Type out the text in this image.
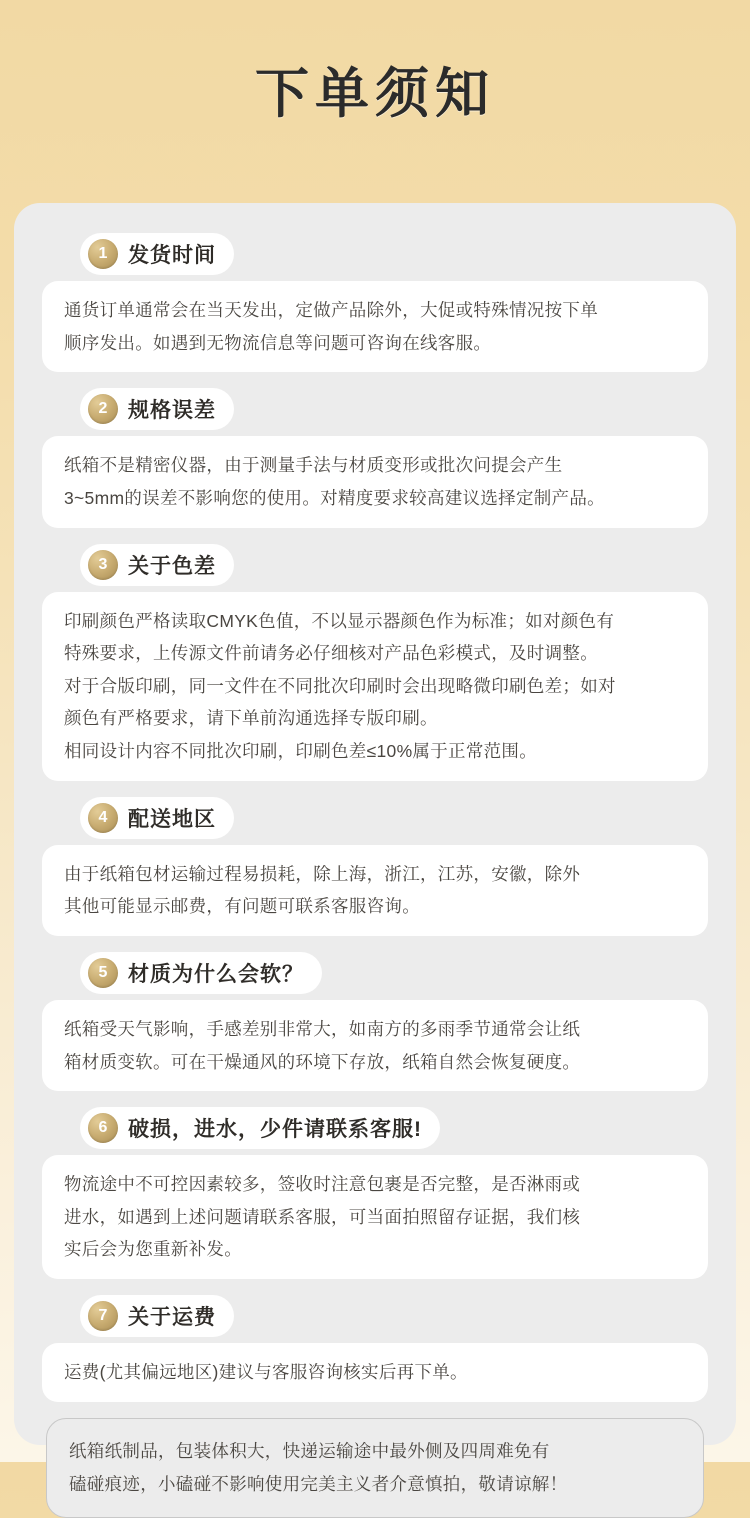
下单须知
1 发货时间

通货订单通常会在当天发出，定做产品除外，大促或特殊情况按下单

顺序发出。如遇到无物流信息等问题可咨询在线客服。

2 规格误差

纸箱不是精密仪器，由于测量手法与材质变形或批次问提会产生

3~5mm的误差不影响您的使用。对精度要求较高建议选择定制产品。

3 关于色差

印刷颜色严格读取CMYK色值，不以显示器颜色作为标准；如对颜色有

特殊要求，上传源文件前请务必仔细核对产品色彩模式，及时调整。

对于合版印刷，同一文件在不同批次印刷时会出现略微印刷色差；如对

颜色有严格要求，请下单前沟通选择专版印刷。

相同设计内容不同批次印刷，印刷色差≤10%属于正常范围。

4 配送地区

由于纸箱包材运输过程易损耗，除上海，浙江，江苏，安徽，除外

其他可能显示邮费，有问题可联系客服咨询。

5 材质为什么会软？

纸箱受天气影响，手感差别非常大，如南方的多雨季节通常会让纸

箱材质变软。可在干燥通风的环境下存放，纸箱自然会恢复硬度。

6 破损，进水，少件请联系客服!

物流途中不可控因素较多，签收时注意包裹是否完整，是否淋雨或

进水，如遇到上述问题请联系客服，可当面拍照留存证据，我们核

实后会为您重新补发。

7 关于运费

运费(尤其偏远地区)建议与客服咨询核实后再下单。

纸箱纸制品，包装体积大，快递运输途中最外侧及四周难免有

磕碰痕迹，小磕碰不影响使用完美主义者介意慎拍，敬请谅解！
